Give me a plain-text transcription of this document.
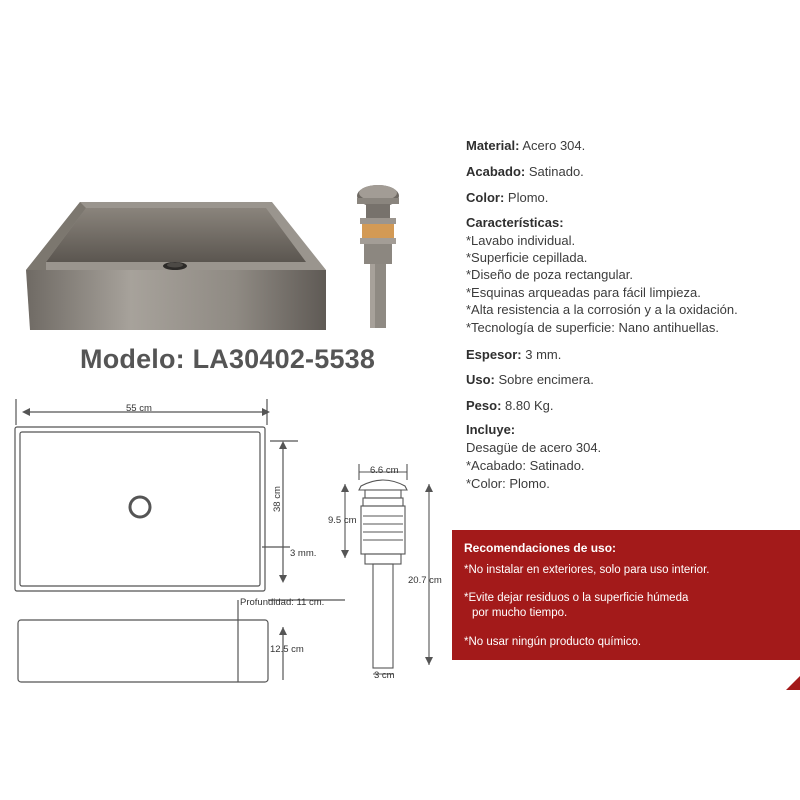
Modelo: LA30402-5538
55 cm
38 cm
3 mm.
Profundidad: 11 cm.
12.5 cm
6.6 cm
9.5 cm
20.7 cm
3 cm
Material: Acero 304.
Acabado: Satinado.
Color: Plomo.
Características:
*Lavabo individual.
*Superficie cepillada.
*Diseño de poza rectangular.
*Esquinas arqueadas para fácil limpieza.
*Alta resistencia a la corrosión y a la oxidación.
*Tecnología de superficie: Nano antihuellas.
Espesor: 3 mm.
Uso: Sobre encimera.
Peso: 8.80 Kg.
Incluye:
Desagüe de acero 304.
*Acabado: Satinado.
*Color: Plomo.
Recomendaciones de uso:
*No instalar en exteriores, solo para uso interior.
*Evite dejar residuos o la superficie húmeda
por mucho tiempo.
*No usar ningún producto químico.
